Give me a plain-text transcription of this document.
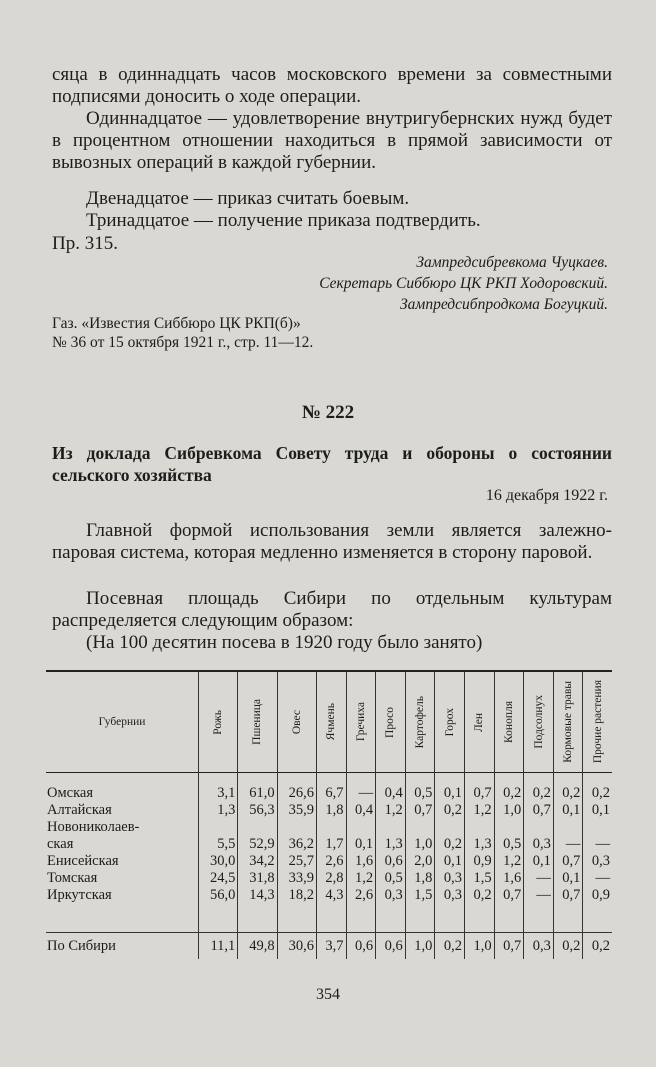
сяца в одиннадцать часов московского времени за совместными подписями доносить о ходе операции.

Одиннадцатое — удовлетворение внутригубернских нужд будет в процентном отношении находиться в прямой зависимости от вывозных операций в каждой губернии.

Двенадцатое — приказ считать боевым.

Тринадцатое — получение приказа подтвердить.

Пр. 315.

Зампредсибревкома Чуцкаев.
Секретарь Сиббюро ЦК РКП Ходоровский.
Зампредсибпродкома Богуцкий.
Газ. «Известия Сиббюро ЦК РКП(б)»
№ 36 от 15 октября 1921 г., стр. 11—12.
№ 222
Из доклада Сибревкома Совету труда и обороны о состоянии сельского хозяйства
16 декабря 1922 г.

Главной формой использования земли является залежно-паровая система, которая медленно изменяется в сторону паровой.

Посевная площадь Сибири по отдельным культурам распределяется следующим образом:

(На 100 десятин посева в 1920 году было занято)

Губернии	Рожь	Пшеница	Овес	Ячмень	Гречиха	Просо	Картофель	Горох	Лен	Конопля	Подсолнух	Кормовые травы	Прочие растения

Омская	3,1	61,0	26,6	6,7	—	0,4	0,5	0,1	0,7	0,2	0,2	0,2	0,2
Алтайская	1,3	56,3	35,9	1,8	0,4	1,2	0,7	0,2	1,2	1,0	0,7	0,1	0,1
Новониколаев-													
ская	5,5	52,9	36,2	1,7	0,1	1,3	1,0	0,2	1,3	0,5	0,3	—	—
Енисейская	30,0	34,2	25,7	2,6	1,6	0,6	2,0	0,1	0,9	1,2	0,1	0,7	0,3
Томская	24,5	31,8	33,9	2,8	1,2	0,5	1,8	0,3	1,5	1,6	—	0,1	—
Иркутская	56,0	14,3	18,2	4,3	2,6	0,3	1,5	0,3	0,2	0,7	—	0,7	0,9

По Сибири	11,1	49,8	30,6	3,7	0,6	0,6	1,0	0,2	1,0	0,7	0,3	0,2	0,2
354
